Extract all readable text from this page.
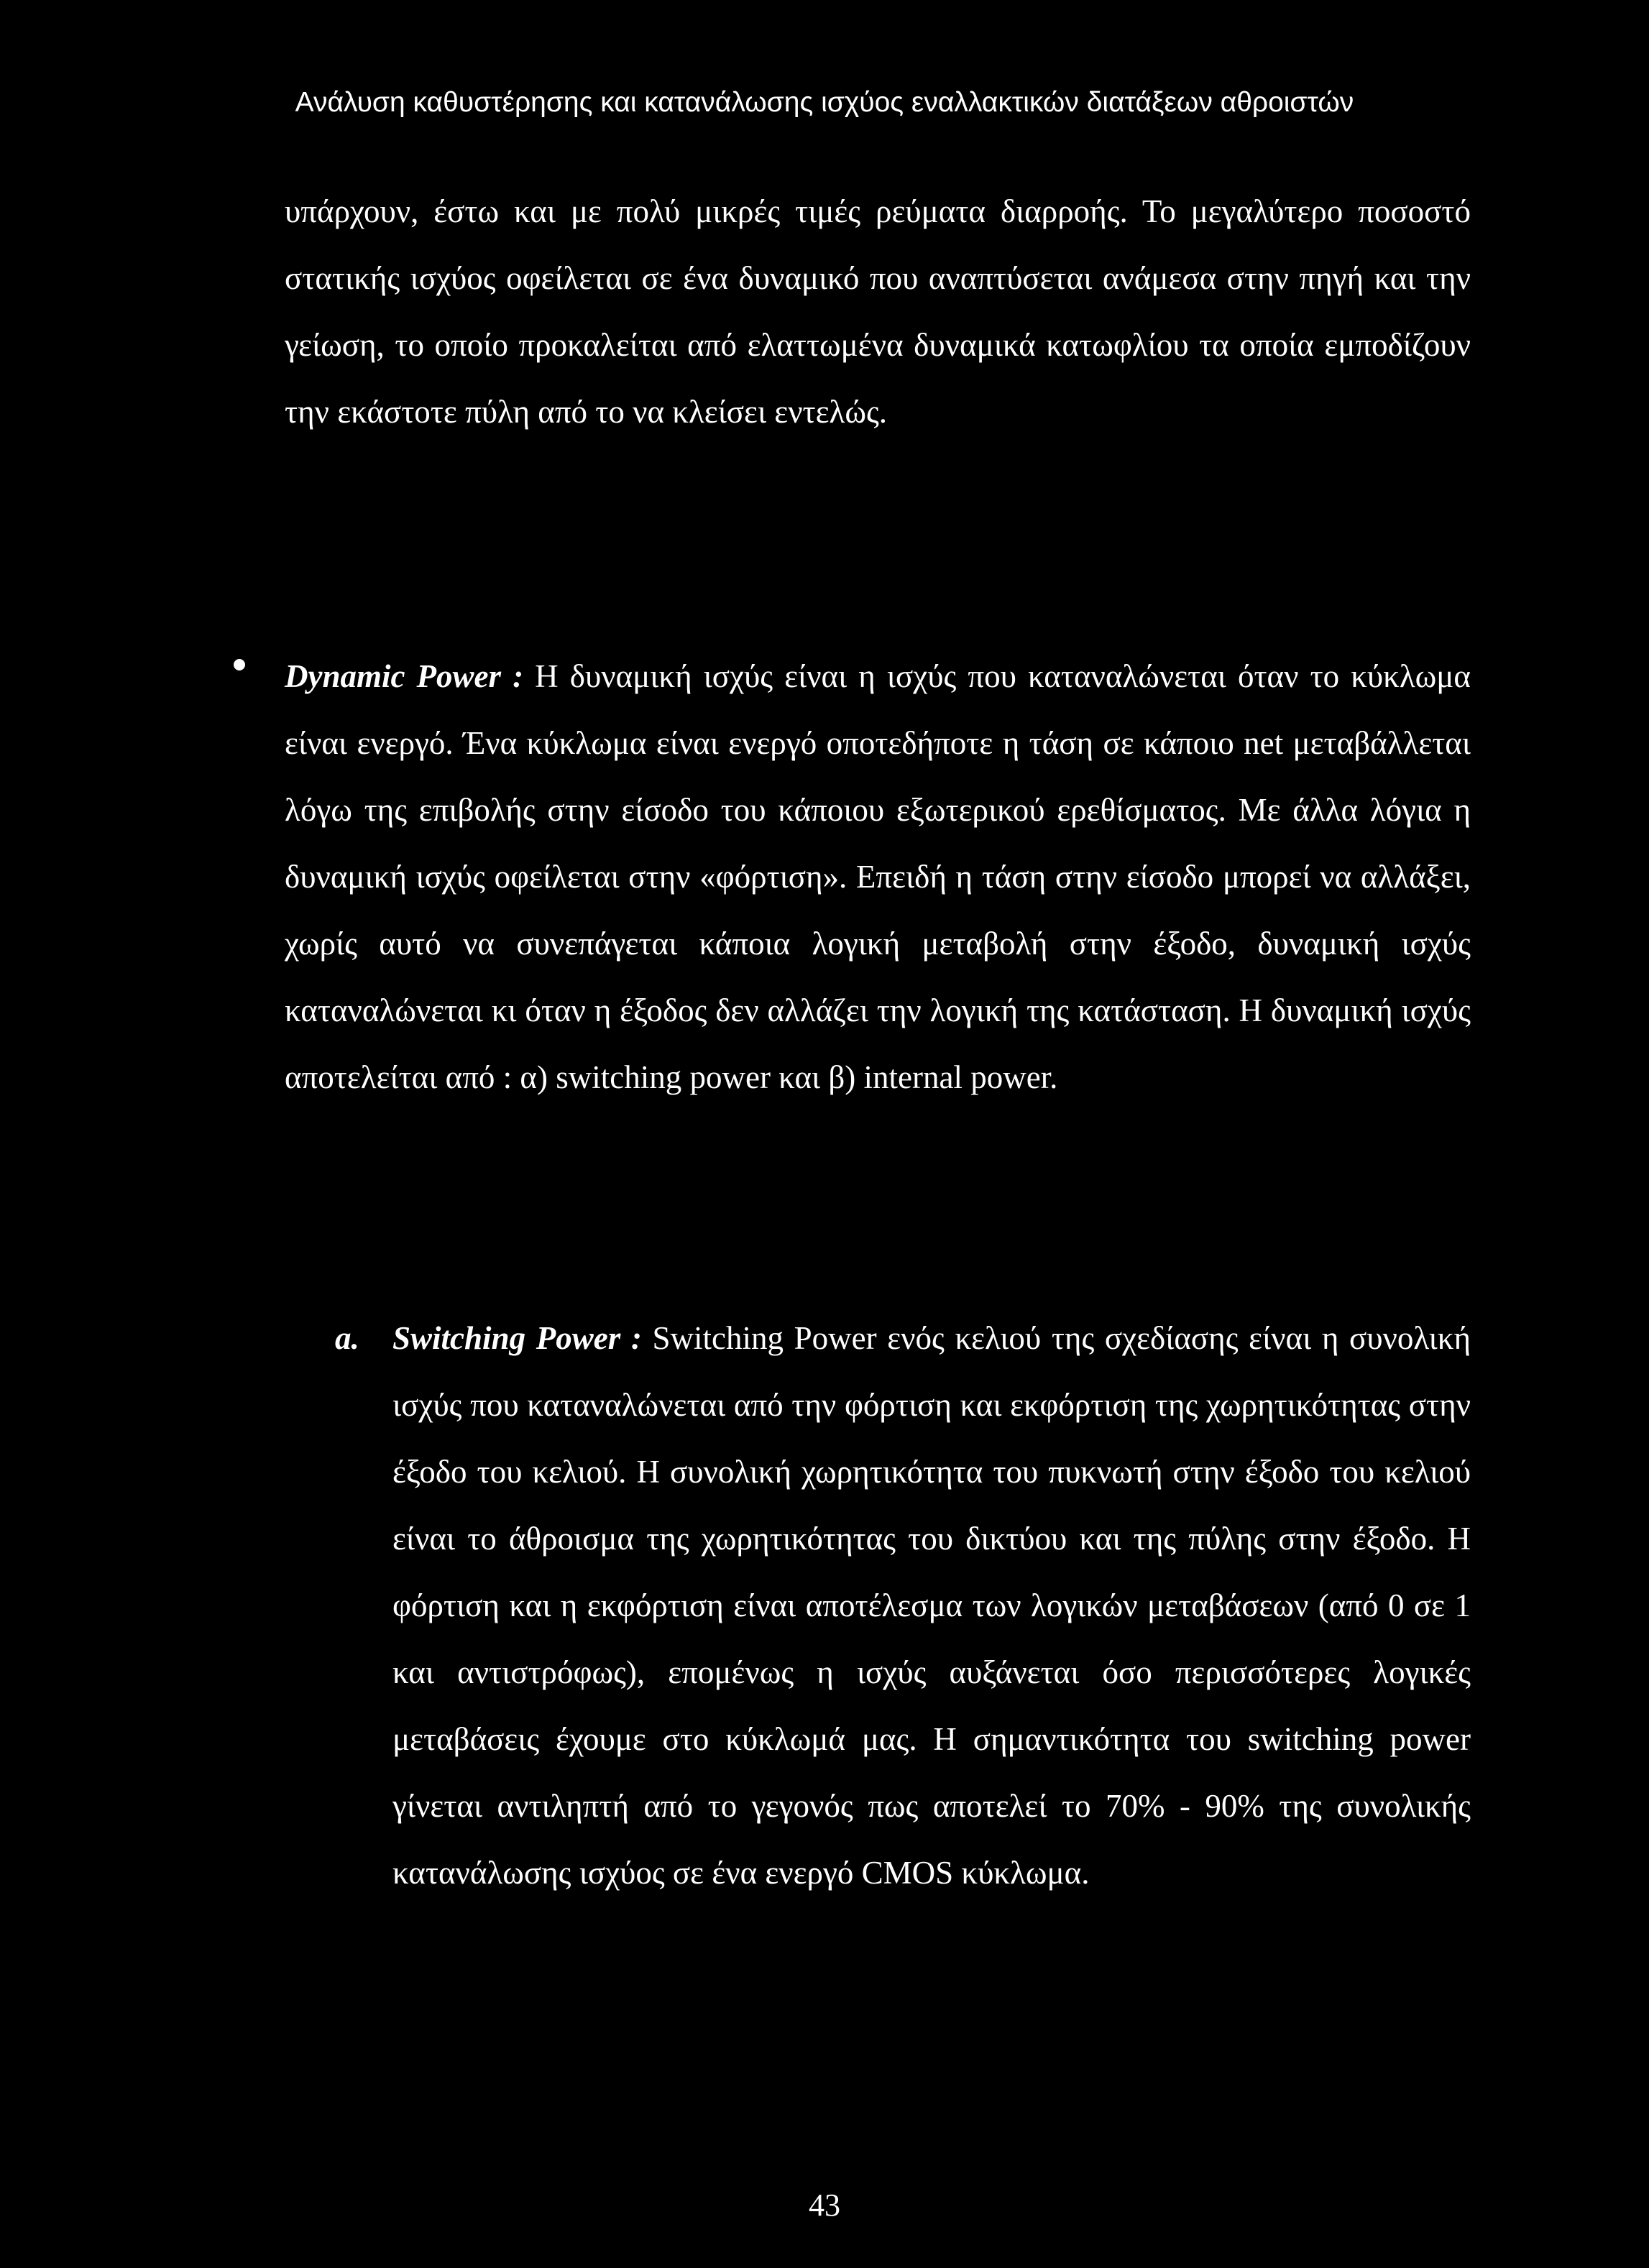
Ανάλυση καθυστέρησης και κατανάλωσης ισχύος εναλλακτικών διατάξεων αθροιστών

υπάρχουν, έστω και με πολύ μικρές τιμές ρεύματα διαρροής. Το μεγαλύτερο ποσοστό στατικής ισχύος οφείλεται σε ένα δυναμικό που αναπτύσεται ανάμεσα στην πηγή και την γείωση, το οποίο προκαλείται από ελαττωμένα δυναμικά κατωφλίου τα οποία εμποδίζουν την εκάστοτε πύλη από το να κλείσει εντελώς.

Dynamic Power : Η δυναμική ισχύς είναι η ισχύς που καταναλώνεται όταν το κύκλωμα είναι ενεργό. Ένα κύκλωμα είναι ενεργό οποτεδήποτε η τάση σε κάποιο net μεταβάλλεται λόγω της επιβολής στην είσοδο του κάποιου εξωτερικού ερεθίσματος. Με άλλα λόγια η δυναμική ισχύς οφείλεται στην «φόρτιση». Επειδή η τάση στην είσοδο μπορεί να αλλάξει, χωρίς αυτό να συνεπάγεται κάποια λογική μεταβολή στην έξοδο, δυναμική ισχύς καταναλώνεται κι όταν η έξοδος δεν αλλάζει την λογική της κατάσταση. Η δυναμική ισχύς αποτελείται από : α) switching power και β) internal power.

a. Switching Power : Switching Power ενός κελιού της σχεδίασης είναι η συνολική ισχύς που καταναλώνεται από την φόρτιση και εκφόρτιση της χωρητικότητας στην έξοδο του κελιού. Η συνολική χωρητικότητα του πυκνωτή στην έξοδο του κελιού είναι το άθροισμα της χωρητικότητας του δικτύου και της πύλης στην έξοδο. Η φόρτιση και η εκφόρτιση είναι αποτέλεσμα των λογικών μεταβάσεων (από 0 σε 1 και αντιστρόφως), επομένως η ισχύς αυξάνεται όσο περισσότερες λογικές μεταβάσεις έχουμε στο κύκλωμά μας. Η σημαντικότητα του switching power γίνεται αντιληπτή από το γεγονός πως αποτελεί το 70% - 90% της συνολικής κατανάλωσης ισχύος σε ένα ενεργό CMOS κύκλωμα.

43
